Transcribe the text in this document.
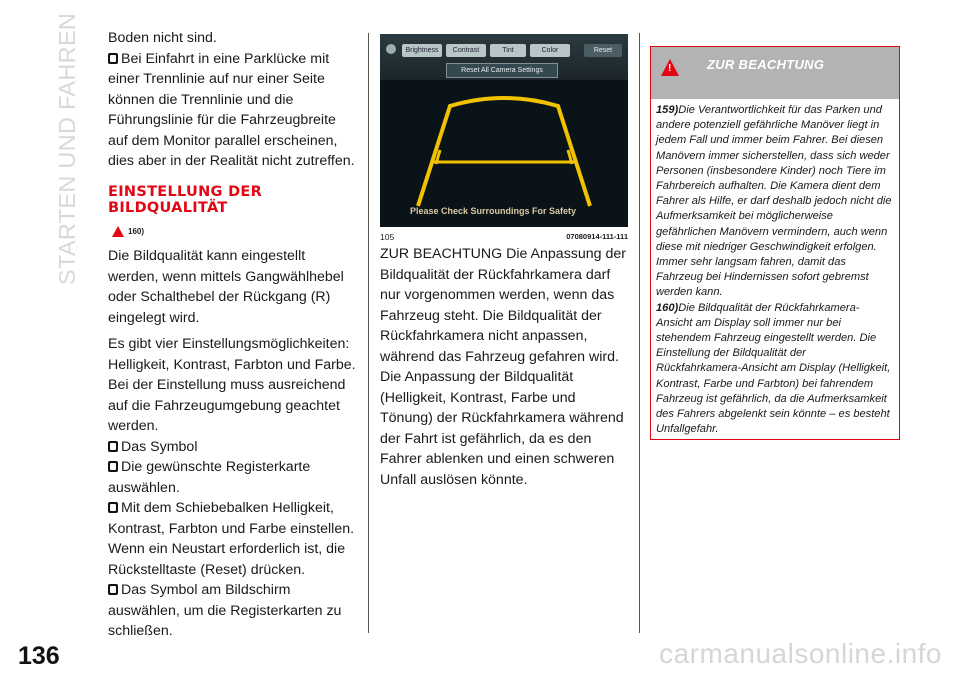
STARTEN UND FAHREN Boden nicht sind.

Bei Einfahrt in eine Parklücke mit einer Trennlinie auf nur einer Seite können die Trennlinie und die Führungslinie für die Fahrzeugbreite auf dem Monitor parallel erscheinen, dies aber in der Realität nicht zutreffen.

EINSTELLUNG DER BILDQUALITÄT
160)

Die Bildqualität kann eingestellt werden, wenn mittels Gangwählhebel oder Schalthebel der Rückgang (R) eingelegt wird.

Es gibt vier Einstellungsmöglichkeiten: Helligkeit, Kontrast, Farbton und Farbe. Bei der Einstellung muss ausreichend auf die Fahrzeugumgebung geachtet werden.

Das Symbol

Die gewünschte Registerkarte auswählen.

Mit dem Schiebebalken Helligkeit, Kontrast, Farbton und Farbe einstellen. Wenn ein Neustart erforderlich ist, die Rückstelltaste (Reset) drücken.

Das Symbol am Bildschirm auswählen, um die Registerkarten zu schließen.

Brightness	Contrast	Tint	Color	Reset
Reset All Camera Settings
Please Check Surroundings For Safety
105	07080914-111-111

ZUR BEACHTUNG Die Anpassung der Bildqualität der Rückfahrkamera darf nur vorgenommen werden, wenn das Fahrzeug steht. Die Bildqualität der Rückfahrkamera nicht anpassen, während das Fahrzeug gefahren wird. Die Anpassung der Bildqualität (Helligkeit, Kontrast, Farbe und Tönung) der Rückfahrkamera während der Fahrt ist gefährlich, da es den Fahrer ablenken und einen schweren Unfall auslösen könnte.

!
ZUR BEACHTUNG

159)Die Verantwortlichkeit für das Parken und andere potenziell gefährliche Manöver liegt in jedem Fall und immer beim Fahrer. Bei diesen Manövern immer sicherstellen, dass sich weder Personen (insbesondere Kinder) noch Tiere im Fahrbereich aufhalten. Die Kamera dient dem Fahrer als Hilfe, er darf deshalb jedoch nicht die Aufmerksamkeit bei möglicherweise gefährlichen Manövern vermindern, auch wenn diese mit niedriger Geschwindigkeit erfolgen. Immer sehr langsam fahren, damit das Fahrzeug bei Hindernissen sofort gebremst werden kann.

160)Die Bildqualität der Rückfahrkamera-Ansicht am Display soll immer nur bei stehendem Fahrzeug eingestellt werden. Die Einstellung der Bildqualität der Rückfahrkamera-Ansicht am Display (Helligkeit, Kontrast, Farbe und Farbton) bei fahrendem Fahrzeug ist gefährlich, da die Aufmerksamkeit des Fahrers abgelenkt sein könnte – es besteht Unfallgefahr.

136	carmanualsonline.info
